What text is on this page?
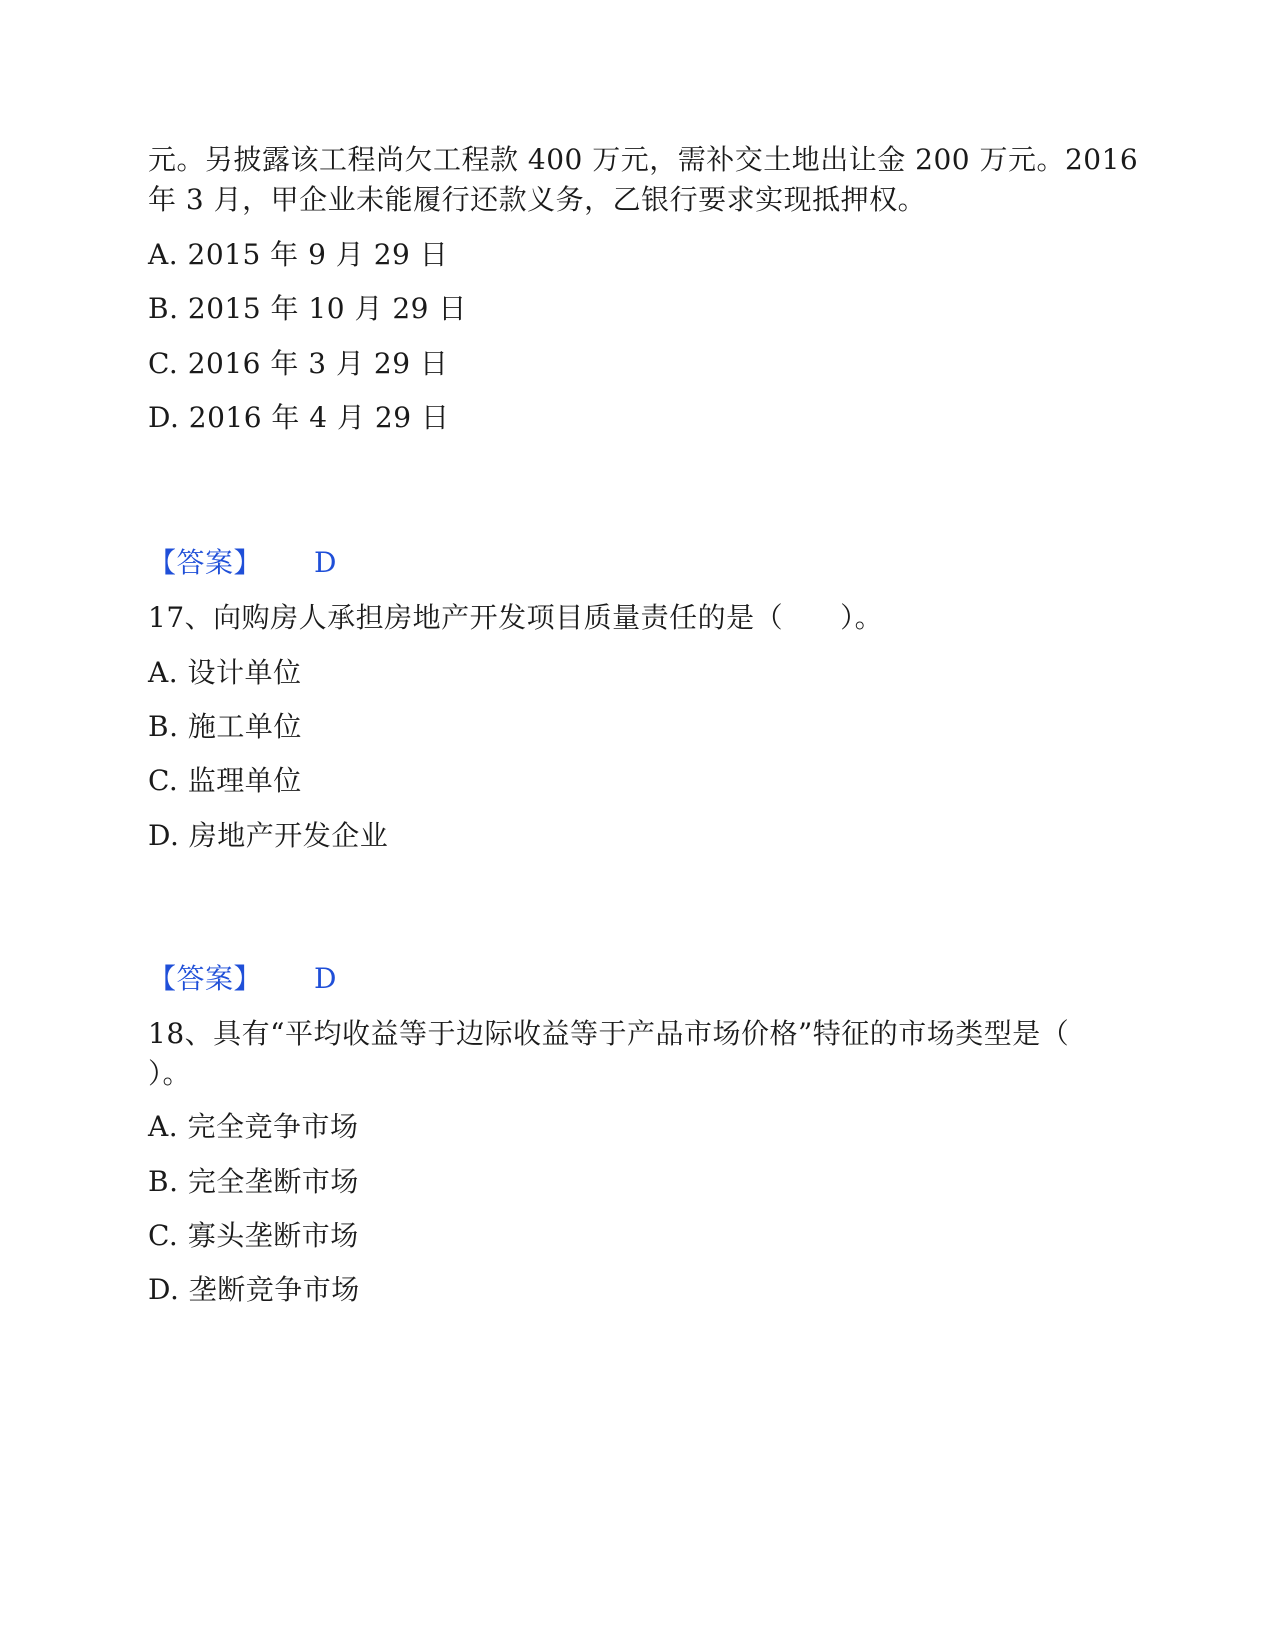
元。另披露该工程尚欠工程款 400 万元，需补交土地出让金 200 万元。2016
年 3 月，甲企业未能履行还款义务，乙银行要求实现抵押权。
A. 2015 年 9 月 29 日
B. 2015 年 10 月 29 日
C. 2016 年 3 月 29 日
D. 2016 年 4 月 29 日
【答案】 D
17、向购房人承担房地产开发项目质量责任的是（　　）。
A. 设计单位
B. 施工单位
C. 监理单位
D. 房地产开发企业
【答案】 D
18、具有“平均收益等于边际收益等于产品市场价格”特征的市场类型是（
）。
A. 完全竞争市场
B. 完全垄断市场
C. 寡头垄断市场
D. 垄断竞争市场
